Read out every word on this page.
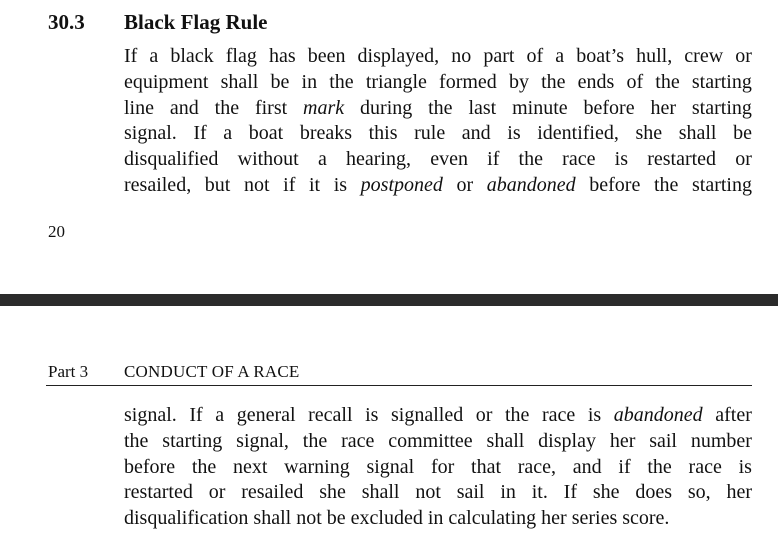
30.3 Black Flag Rule
If a black flag has been displayed, no part of a boat’s hull, crew or
equipment shall be in the triangle formed by the ends of the starting
line and the first mark during the last minute before her starting
signal. If a boat breaks this rule and is identified, she shall be
disqualified without a hearing, even if the race is restarted or
resailed, but not if it is postponed or abandoned before the starting
20
Part 3 CONDUCT OF A RACE
signal. If a general recall is signalled or the race is abandoned after
the starting signal, the race committee shall display her sail number
before the next warning signal for that race, and if the race is
restarted or resailed she shall not sail in it. If she does so, her
disqualification shall not be excluded in calculating her series score.
